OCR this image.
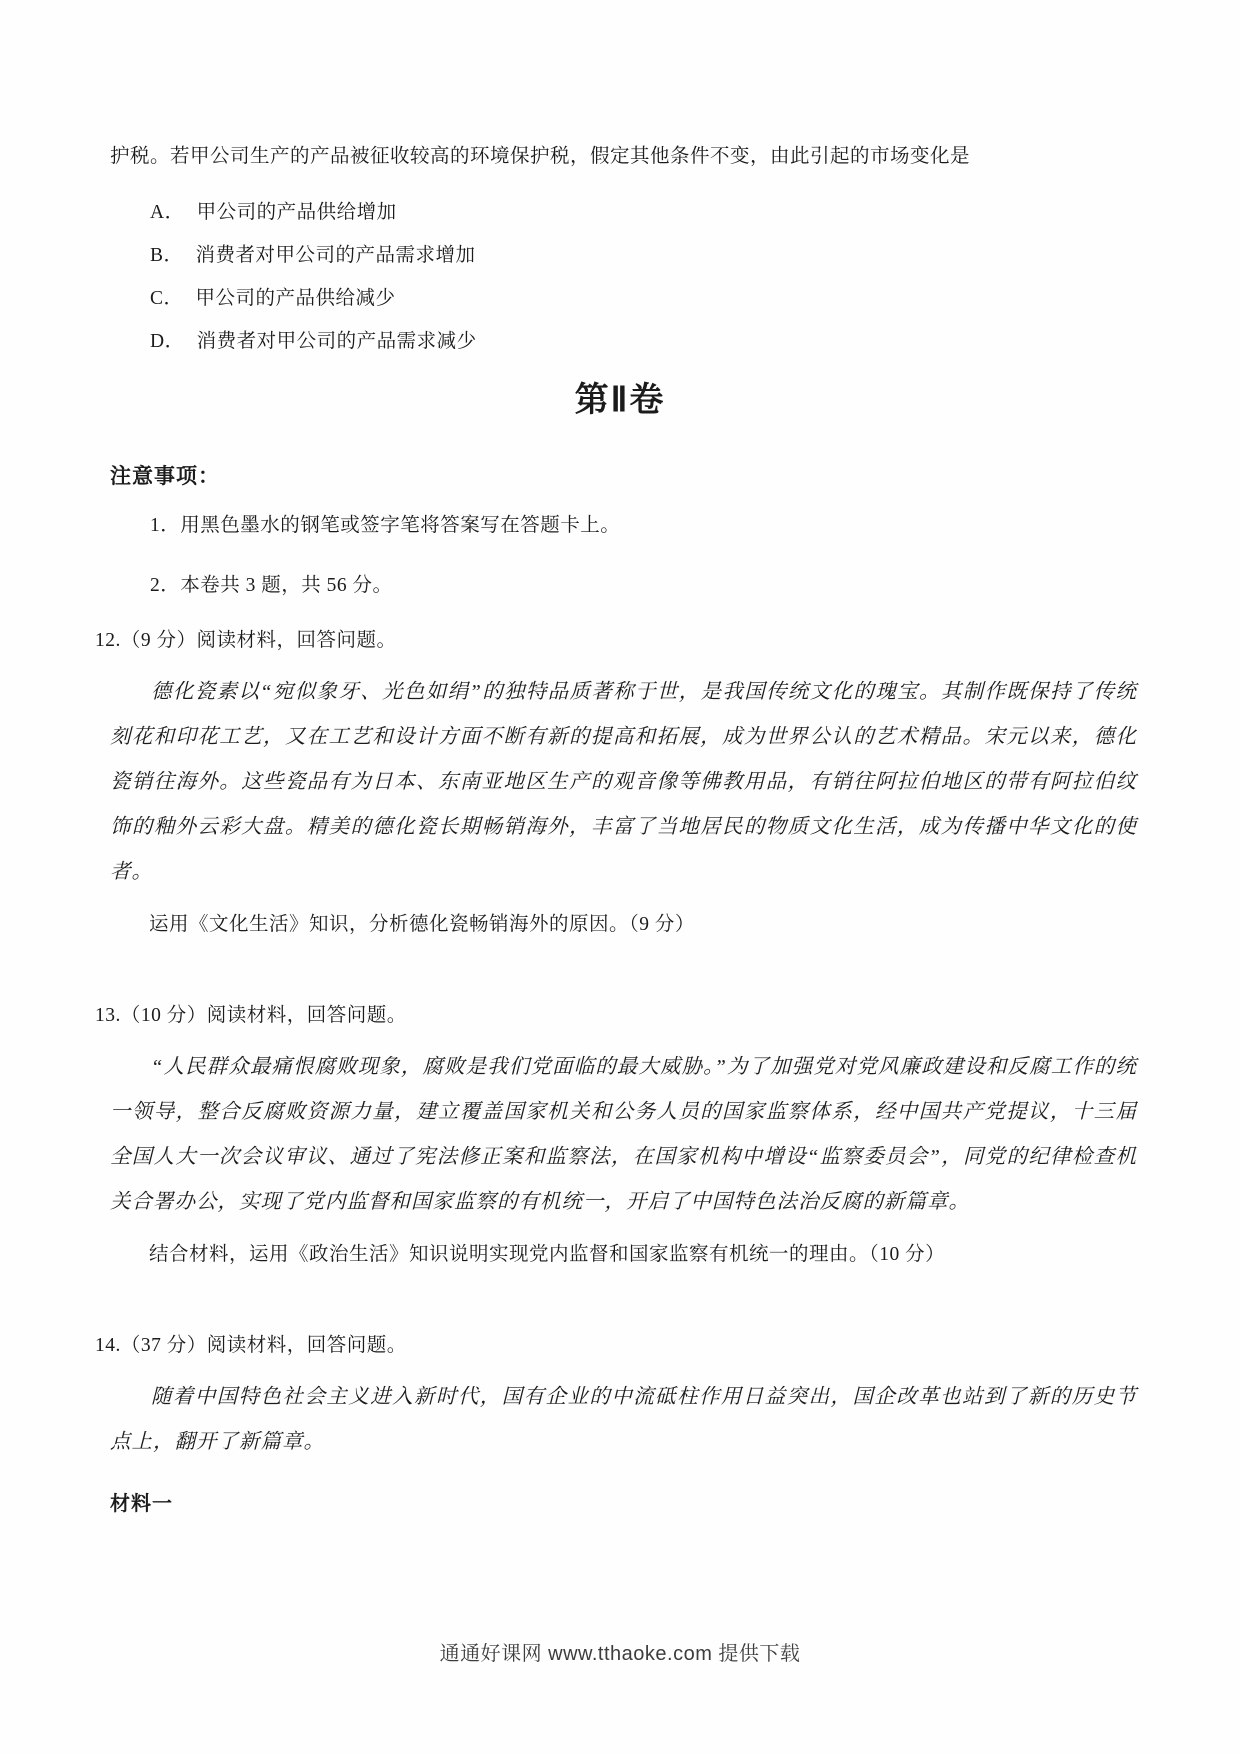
护税。若甲公司生产的产品被征收较高的环境保护税，假定其他条件不变，由此引起的市场变化是

A． 甲公司的产品供给增加
B． 消费者对甲公司的产品需求增加
C． 甲公司的产品供给减少
D． 消费者对甲公司的产品需求减少
第Ⅱ卷

注意事项：

1．用黑色墨水的钢笔或签字笔将答案写在答题卡上。

2．本卷共 3 题，共 56 分。

12.（9 分）阅读材料，回答问题。

德化瓷素以“宛似象牙、光色如绢”的独特品质著称于世，是我国传统文化的瑰宝。其制作既保持了传统刻花和印花工艺，又在工艺和设计方面不断有新的提高和拓展，成为世界公认的艺术精品。宋元以来，德化瓷销往海外。这些瓷品有为日本、东南亚地区生产的观音像等佛教用品，有销往阿拉伯地区的带有阿拉伯纹饰的釉外云彩大盘。精美的德化瓷长期畅销海外，丰富了当地居民的物质文化生活，成为传播中华文化的使者。

运用《文化生活》知识，分析德化瓷畅销海外的原因。（9 分）

13.（10 分）阅读材料，回答问题。

“人民群众最痛恨腐败现象，腐败是我们党面临的最大威胁。”为了加强党对党风廉政建设和反腐工作的统一领导，整合反腐败资源力量，建立覆盖国家机关和公务人员的国家监察体系，经中国共产党提议，十三届全国人大一次会议审议、通过了宪法修正案和监察法，在国家机构中增设“监察委员会”，同党的纪律检查机关合署办公，实现了党内监督和国家监察的有机统一，开启了中国特色法治反腐的新篇章。

结合材料，运用《政治生活》知识说明实现党内监督和国家监察有机统一的理由。（10 分）

14.（37 分）阅读材料，回答问题。

随着中国特色社会主义进入新时代，国有企业的中流砥柱作用日益突出，国企改革也站到了新的历史节点上，翻开了新篇章。

材料一

通通好课网 www.tthaoke.com 提供下载
